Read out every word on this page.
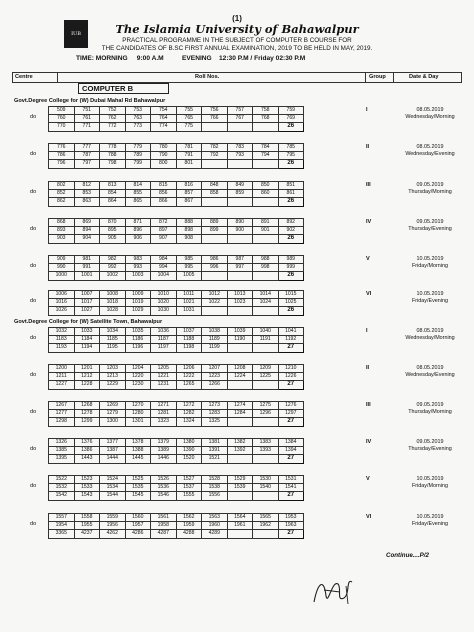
(1)
IUB	The Islamia University of Bahawalpur
PRACTICAL PROGRAMME IN THE SUBJECT OF COMPUTER B COURSE FOR
THE CANDIDATES OF B.SC FIRST ANNUAL EXAMINATION, 2019 TO BE HELD IN MAY, 2019.
TIME: MORNING     9:00 A.M          EVENING    12:30 P.M / Friday 02:30 P.M
Centre	Roll Nos.	Group	Date & Day
COMPUTER B
Govt.Degree College for (W) Dubai Mahal Rd Bahawalpur
509	751	752	753	754	755	756	757	758	759
760	761	762	763	764	765	766	767	768	769
770	771	772	773	774	775				26
do
I	08.05.2019
Wednesday/Morning
776	777	778	779	780	781	782	783	784	785
786	787	788	789	790	791	792	793	794	795
796	797	798	799	800	801				26
do
II	08.05.2019
Wednesday/Evening
802	812	813	814	815	816	848	849	850	851
852	853	854	855	856	857	858	859	860	861
862	863	864	865	866	867				26
do
III	09.05.2019
Thursday/Morning
868	869	870	871	872	888	889	890	891	892
893	894	895	896	897	898	899	900	901	902
903	904	905	906	907	908				26
do
IV	09.05.2019
Thursday/Evening
909	981	982	983	984	985	986	987	988	989
990	991	992	993	994	995	996	997	998	999
1000	1001	1002	1003	1004	1005				26
do
V	10.05.2019
Friday/Morning
1006	1007	1008	1009	1010	1011	1012	1013	1014	1015
1016	1017	1018	1019	1020	1021	1022	1023	1024	1025
1026	1027	1028	1029	1030	1031				26
do
VI	10.05.2019
Friday/Evening
Govt.Degree College for (W) Satellite Town, Bahawalpur
1032	1033	1034	1035	1036	1037	1038	1039	1040	1041
1183	1184	1185	1186	1187	1188	1189	1190	1191	1192
1193	1194	1195	1196	1197	1198	1199			27
do
I	08.05.2019
Wednesday/Morning
1200	1201	1203	1204	1205	1206	1207	1208	1209	1210
1211	1212	1213	1220	1221	1222	1223	1224	1225	1226
1227	1228	1229	1230	1231	1265	1266			27
do
II	08.05.2019
Wednesday/Evening
1267	1268	1269	1270	1271	1272	1273	1274	1275	1276
1277	1278	1279	1280	1281	1282	1283	1284	1296	1297
1298	1299	1300	1301	1323	1324	1325			27
do
III	09.05.2019
Thursday/Morning
1326	1376	1377	1378	1379	1380	1381	1382	1383	1384
1385	1386	1387	1388	1389	1390	1391	1392	1393	1394
1395	1443	1444	1445	1446	1520	1521			27
do
IV	09.05.2019
Thursday/Evening
1522	1523	1524	1525	1526	1527	1528	1529	1530	1531
1532	1533	1534	1535	1536	1537	1538	1539	1540	1541
1542	1543	1544	1545	1546	1555	1556			27
do
V	10.05.2019
Friday/Morning
1557	1558	1559	1560	1561	1562	1563	1564	1565	1953
1954	1955	1956	1957	1958	1959	1960	1961	1962	1963
3365	4237	4262	4286	4287	4288	4289			27
do
VI	10.05.2019
Friday/Evening
Continue....P/2
